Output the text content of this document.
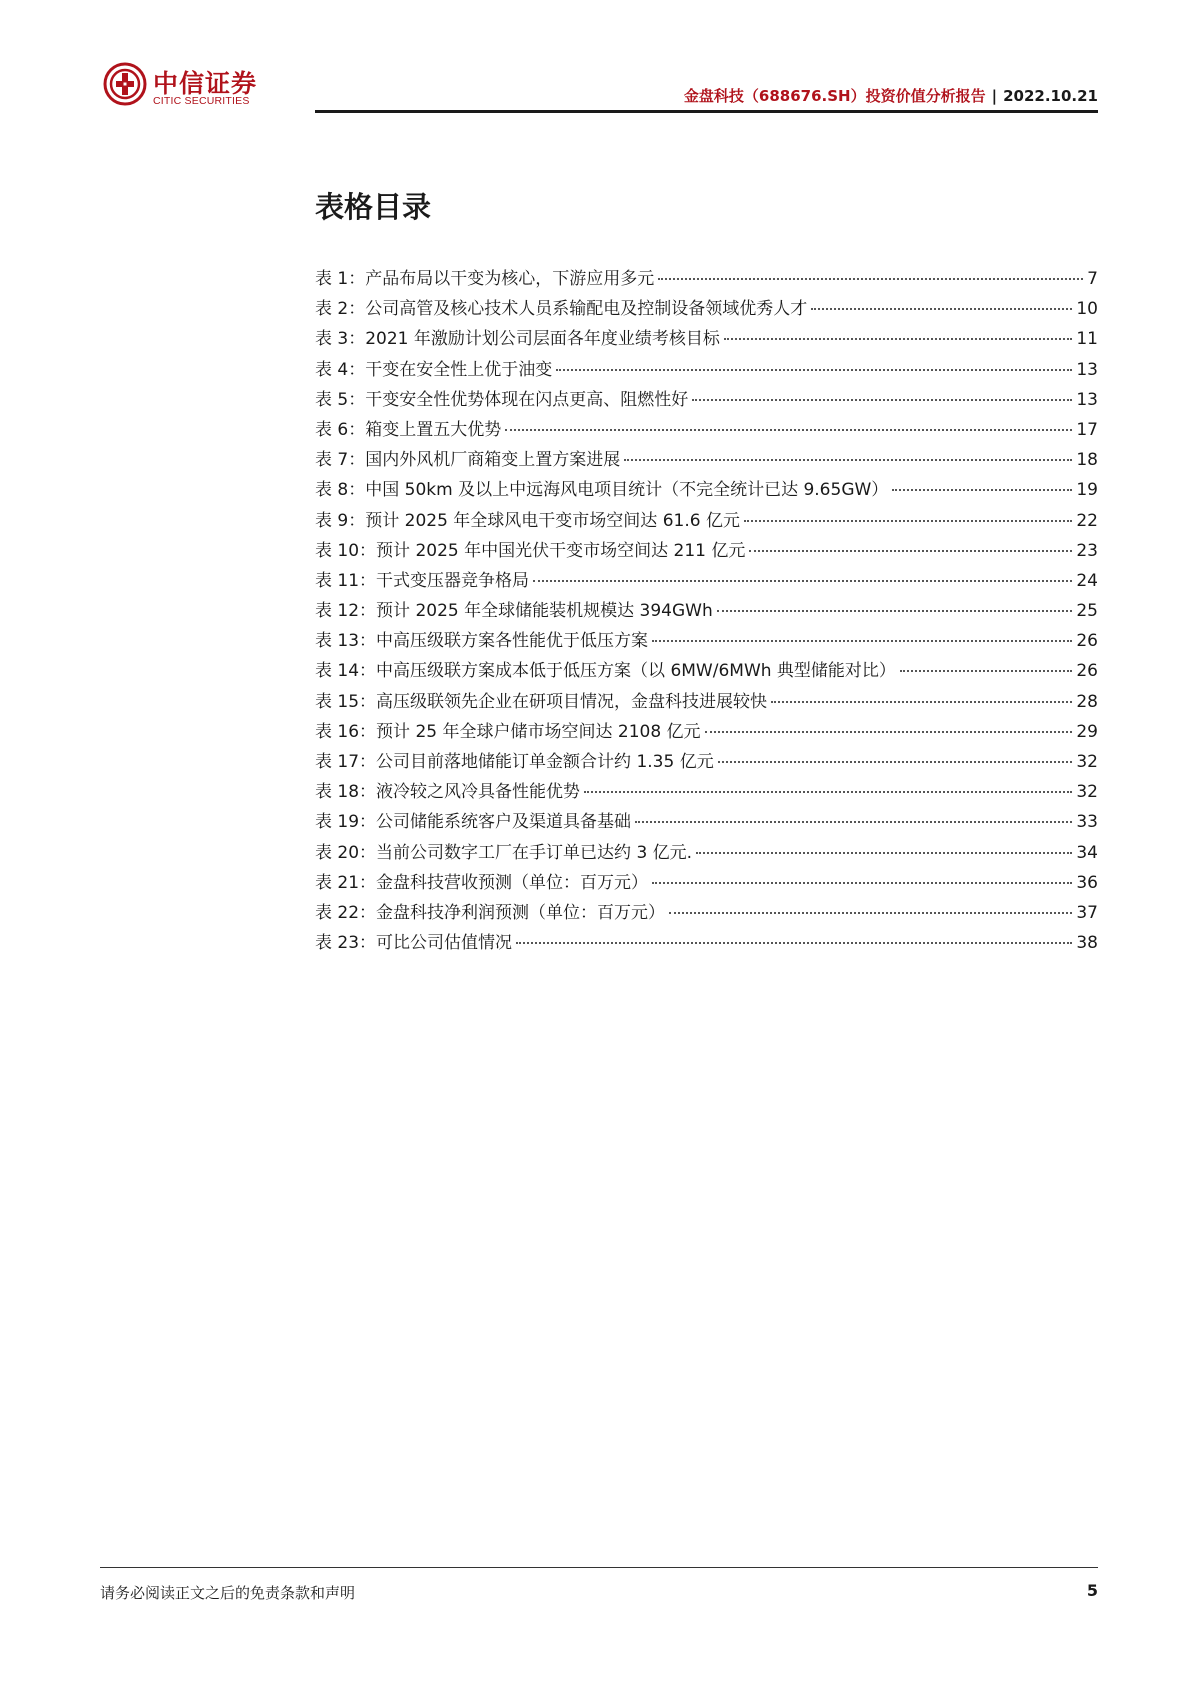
中信证券
CITIC SECURITIES	金盘科技（688676.SH）投资价值分析报告 | 2022.10.21
表格目录
表 1：产品布局以干变为核心，下游应用多元	7
表 2：公司高管及核心技术人员系输配电及控制设备领域优秀人才	10
表 3：2021 年激励计划公司层面各年度业绩考核目标	11
表 4：干变在安全性上优于油变	13
表 5：干变安全性优势体现在闪点更高、阻燃性好	13
表 6：箱变上置五大优势	17
表 7：国内外风机厂商箱变上置方案进展	18
表 8：中国 50km 及以上中远海风电项目统计（不完全统计已达 9.65GW）	19
表 9：预计 2025 年全球风电干变市场空间达 61.6 亿元	22
表 10：预计 2025 年中国光伏干变市场空间达 211 亿元	23
表 11：干式变压器竞争格局	24
表 12：预计 2025 年全球储能装机规模达 394GWh	25
表 13：中高压级联方案各性能优于低压方案	26
表 14：中高压级联方案成本低于低压方案（以 6MW/6MWh 典型储能对比）	26
表 15：高压级联领先企业在研项目情况，金盘科技进展较快	28
表 16：预计 25 年全球户储市场空间达 2108 亿元	29
表 17：公司目前落地储能订单金额合计约 1.35 亿元	32
表 18：液冷较之风冷具备性能优势	32
表 19：公司储能系统客户及渠道具备基础	33
表 20：当前公司数字工厂在手订单已达约 3 亿元.	34
表 21：金盘科技营收预测（单位：百万元）	36
表 22：金盘科技净利润预测（单位：百万元）	37
表 23：可比公司估值情况	38
请务必阅读正文之后的免责条款和声明	5
